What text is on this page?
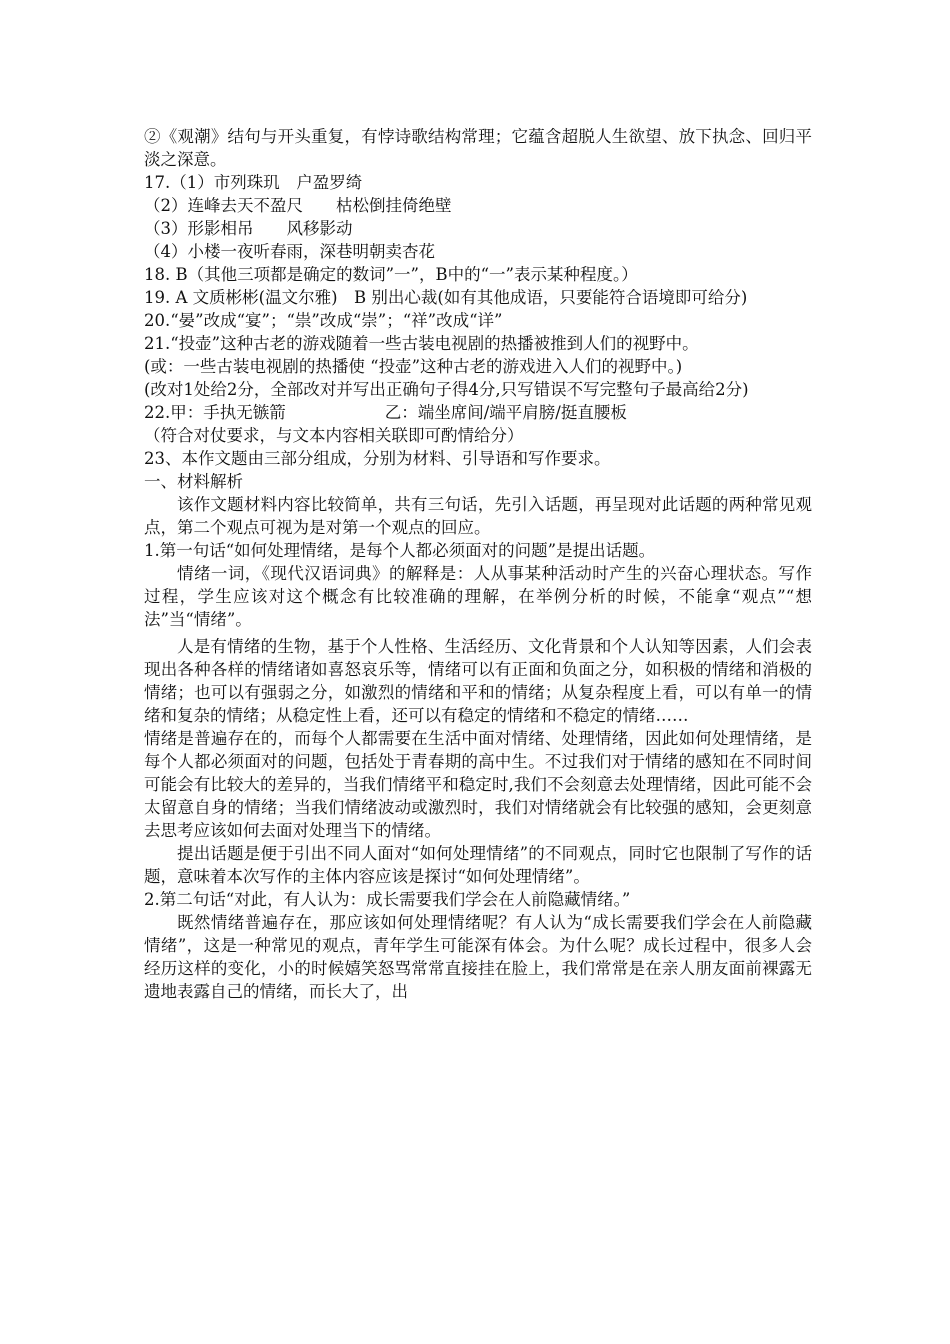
②《观潮》结句与开头重复，有悖诗歌结构常理；它蕴含超脱人生欲望、放下执念、回归平淡之深意。

17.（1）市列珠玑　户盈罗绮

（2）连峰去天不盈尺　　枯松倒挂倚绝壁

（3）形影相吊　　风移影动

（4）小楼一夜听春雨，深巷明朝卖杏花

18. B（其他三项都是确定的数词”一”，B中的“一”表示某种程度。）

19. A 文质彬彬(温文尔雅)　B 别出心裁(如有其他成语，只要能符合语境即可给分)

20.“晏”改成“宴”；“祟”改成“崇”；“祥”改成“详”

21.“投壶”这种古老的游戏随着一些古装电视剧的热播被推到人们的视野中。

(或：一些古装电视剧的热播使 “投壶”这种古老的游戏进入人们的视野中。)

(改对1处给2分，全部改对并写出正确句子得4分,只写错误不写完整句子最高给2分)

22.甲：手执无镞箭　　　　　　乙：端坐席间/端平肩膀/挺直腰板

（符合对仗要求，与文本内容相关联即可酌情给分）

23、本作文题由三部分组成，分别为材料、引导语和写作要求。

一、材料解析

该作文题材料内容比较简单，共有三句话，先引入话题，再呈现对此话题的两种常见观点，第二个观点可视为是对第一个观点的回应。

1.第一句话“如何处理情绪，是每个人都必须面对的问题”是提出话题。

情绪一词，《现代汉语词典》的解释是：人从事某种活动时产生的兴奋心理状态。写作过程，学生应该对这个概念有比较准确的理解，在举例分析的时候，不能拿“观点”“想法”当“情绪”。

人是有情绪的生物，基于个人性格、生活经历、文化背景和个人认知等因素，人们会表现出各种各样的情绪诸如喜怒哀乐等，情绪可以有正面和负面之分，如积极的情绪和消极的情绪；也可以有强弱之分，如激烈的情绪和平和的情绪；从复杂程度上看，可以有单一的情绪和复杂的情绪；从稳定性上看，还可以有稳定的情绪和不稳定的情绪……

情绪是普遍存在的，而每个人都需要在生活中面对情绪、处理情绪，因此如何处理情绪，是每个人都必须面对的问题，包括处于青春期的高中生。不过我们对于情绪的感知在不同时间可能会有比较大的差异的，当我们情绪平和稳定时,我们不会刻意去处理情绪，因此可能不会太留意自身的情绪；当我们情绪波动或激烈时，我们对情绪就会有比较强的感知，会更刻意去思考应该如何去面对处理当下的情绪。

提出话题是便于引出不同人面对“如何处理情绪”的不同观点，同时它也限制了写作的话题，意味着本次写作的主体内容应该是探讨“如何处理情绪”。

2.第二句话“对此，有人认为：成长需要我们学会在人前隐藏情绪。”

既然情绪普遍存在，那应该如何处理情绪呢？有人认为“成长需要我们学会在人前隐藏情绪”，这是一种常见的观点，青年学生可能深有体会。为什么呢？成长过程中，很多人会经历这样的变化，小的时候嬉笑怒骂常常直接挂在脸上，我们常常是在亲人朋友面前裸露无遗地表露自己的情绪，而长大了，出
